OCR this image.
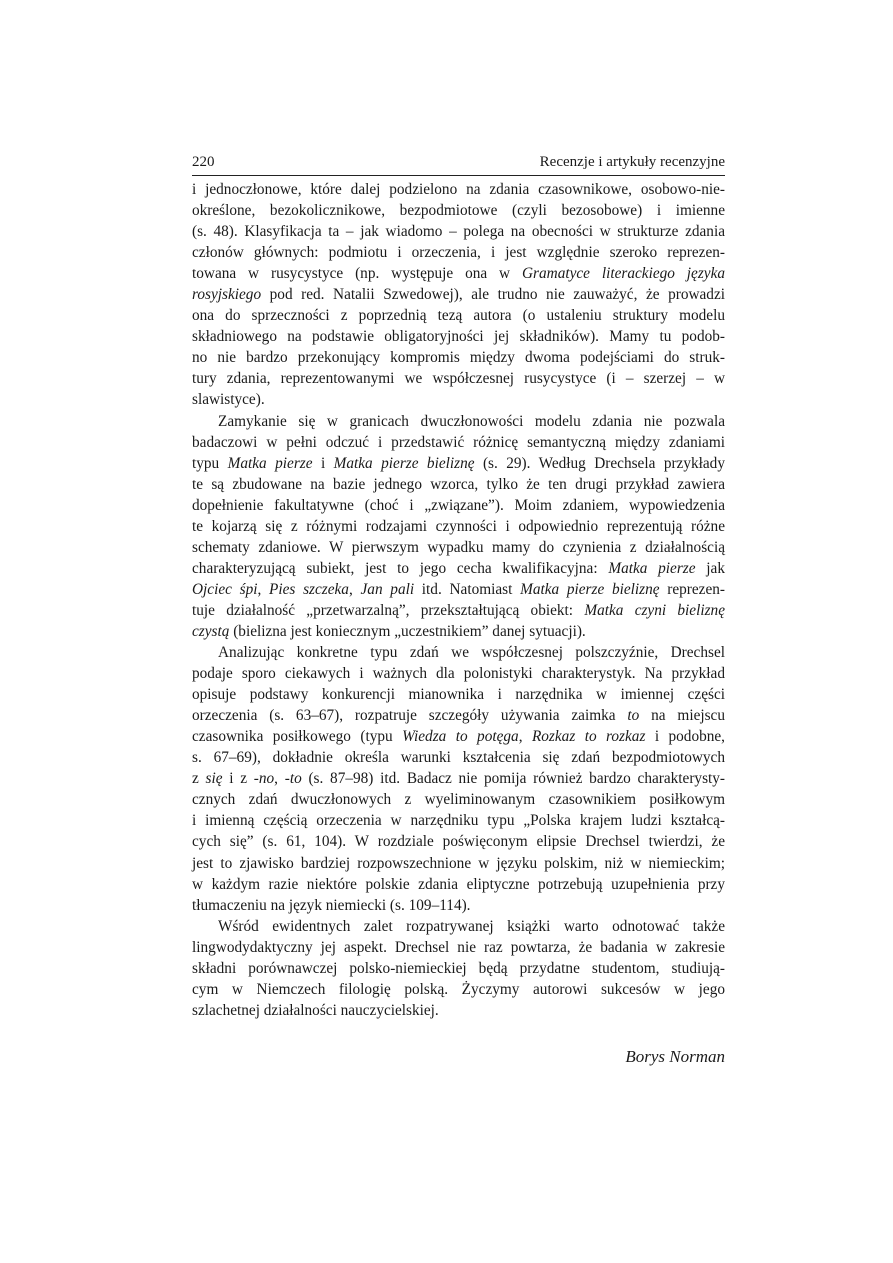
220	Recenzje i artykuły recenzyjne
i jednoczłonowe, które dalej podzielono na zdania czasownikowe, osobowo-nie-
określone, bezokolicznikowe, bezpodmiotowe (czyli bezosobowe) i imienne
(s. 48). Klasyfikacja ta – jak wiadomo – polega na obecności w strukturze zdania
członów głównych: podmiotu i orzeczenia, i jest względnie szeroko reprezen-
towana w rusycystyce (np. występuje ona w Gramatyce literackiego języka
rosyjskiego pod red. Natalii Szwedowej), ale trudno nie zauważyć, że prowadzi
ona do sprzeczności z poprzednią tezą autora (o ustaleniu struktury modelu
składniowego na podstawie obligatoryjności jej składników). Mamy tu podob-
no nie bardzo przekonujący kompromis między dwoma podejściami do struk-
tury zdania, reprezentowanymi we współczesnej rusycystyce (i – szerzej – w
slawistyce).
Zamykanie się w granicach dwuczłonowości modelu zdania nie pozwala
badaczowi w pełni odczuć i przedstawić różnicę semantyczną między zdaniami
typu Matka pierze i Matka pierze bieliznę (s. 29). Według Drechsela przykłady
te są zbudowane na bazie jednego wzorca, tylko że ten drugi przykład zawiera
dopełnienie fakultatywne (choć i „związane”). Moim zdaniem, wypowiedzenia
te kojarzą się z różnymi rodzajami czynności i odpowiednio reprezentują różne
schematy zdaniowe. W pierwszym wypadku mamy do czynienia z działalnością
charakteryzującą subiekt, jest to jego cecha kwalifikacyjna: Matka pierze jak
Ojciec śpi, Pies szczeka, Jan pali itd. Natomiast Matka pierze bieliznę reprezen-
tuje działalność „przetwarzalną”, przekształtującą obiekt: Matka czyni bieliznę
czystą (bielizna jest koniecznym „uczestnikiem” danej sytuacji).
Analizując konkretne typu zdań we współczesnej polszczyźnie, Drechsel
podaje sporo ciekawych i ważnych dla polonistyki charakterystyk. Na przykład
opisuje podstawy konkurencji mianownika i narzędnika w imiennej części
orzeczenia (s. 63–67), rozpatruje szczegóły używania zaimka to na miejscu
czasownika posiłkowego (typu Wiedza to potęga, Rozkaz to rozkaz i podobne,
s. 67–69), dokładnie określa warunki kształcenia się zdań bezpodmiotowych
z się i z -no, -to (s. 87–98) itd. Badacz nie pomija również bardzo charakterysty-
cznych zdań dwuczłonowych z wyeliminowanym czasownikiem posiłkowym
i imienną częścią orzeczenia w narzędniku typu „Polska krajem ludzi kształcą-
cych się” (s. 61, 104). W rozdziale poświęconym elipsie Drechsel twierdzi, że
jest to zjawisko bardziej rozpowszechnione w języku polskim, niż w niemieckim;
w każdym razie niektóre polskie zdania eliptyczne potrzebują uzupełnienia przy
tłumaczeniu na język niemiecki (s. 109–114).
Wśród ewidentnych zalet rozpatrywanej książki warto odnotować także
lingwodydaktyczny jej aspekt. Drechsel nie raz powtarza, że badania w zakresie
składni porównawczej polsko-niemieckiej będą przydatne studentom, studiują-
cym w Niemczech filologię polską. Życzymy autorowi sukcesów w jego
szlachetnej działalności nauczycielskiej.
Borys Norman
